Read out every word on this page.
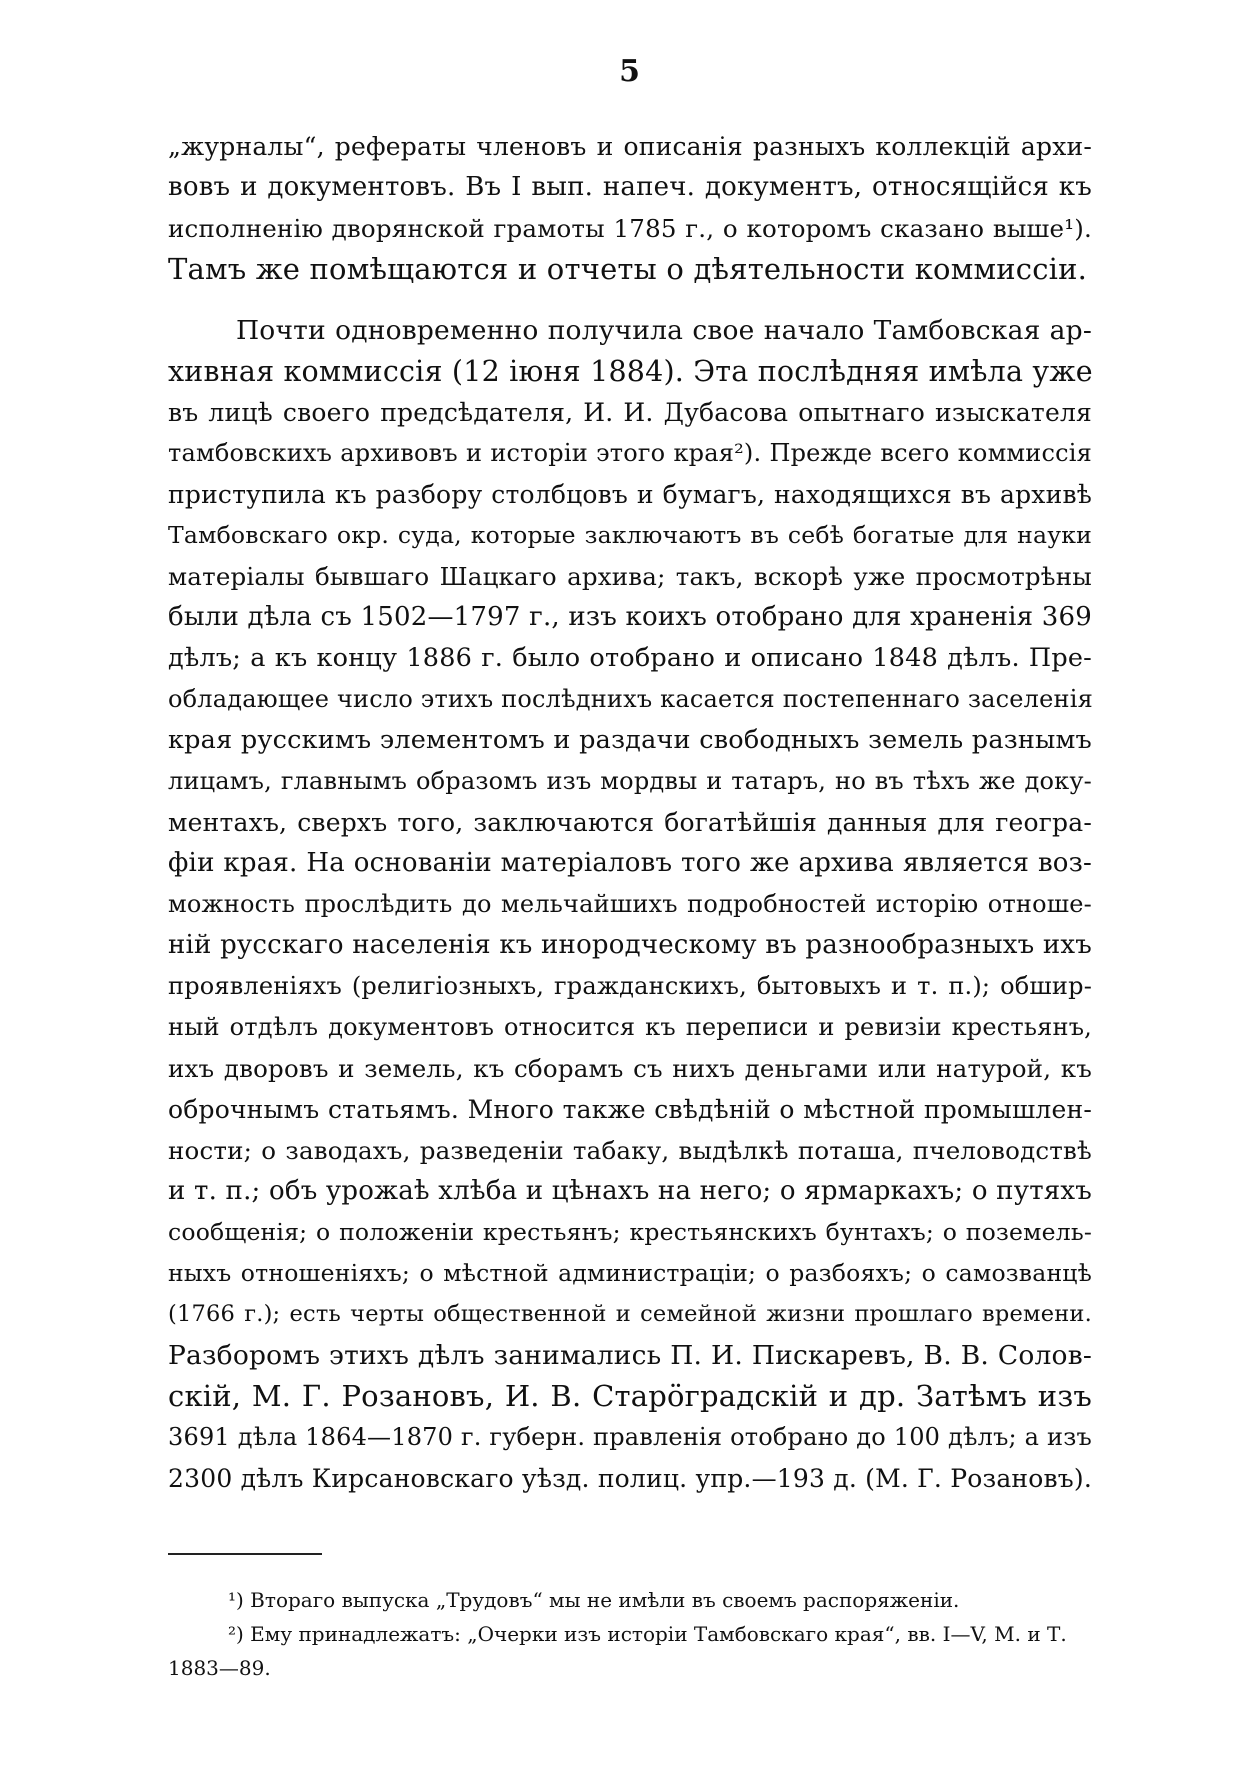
5
„журналы“, рефераты членовъ и описанія разныхъ коллекцій архи-
вовъ и документовъ. Въ I вып. напеч. документъ, относящійся къ
исполненію дворянской грамоты 1785 г., о которомъ сказано выше¹).
Тамъ же помѣщаются и отчеты о дѣятельности коммиссіи.
Почти одновременно получила свое начало Тамбовская ар-
хивная коммиссія (12 іюня 1884). Эта послѣдняя имѣла уже
въ лицѣ своего предсѣдателя, И. И. Дубасова опытнаго изыскателя
тамбовскихъ архивовъ и исторіи этого края²). Прежде всего коммиссія
приступила къ разбору столбцовъ и бумагъ, находящихся въ архивѣ
Тамбовскаго окр. суда, которые заключаютъ въ себѣ богатые для науки
матеріалы бывшаго Шацкаго архива; такъ, вскорѣ уже просмотрѣны
были дѣла съ 1502—1797 г., изъ коихъ отобрано для храненія 369
дѣлъ; а къ концу 1886 г. было отобрано и описано 1848 дѣлъ. Пре-
обладающее число этихъ послѣднихъ касается постепеннаго заселенія
края русскимъ элементомъ и раздачи свободныхъ земель разнымъ
лицамъ, главнымъ образомъ изъ мордвы и татаръ, но въ тѣхъ же доку-
ментахъ, сверхъ того, заключаются богатѣйшія данныя для геогра-
фіи края. На основаніи матеріаловъ того же архива является воз-
можность прослѣдить до мельчайшихъ подробностей исторію отноше-
ній русскаго населенія къ инородческому въ разнообразныхъ ихъ
проявленіяхъ (религіозныхъ, гражданскихъ, бытовыхъ и т. п.); обшир-
ный отдѣлъ документовъ относится къ переписи и ревизіи крестьянъ,
ихъ дворовъ и земель, къ сборамъ съ нихъ деньгами или натурой, къ
оброчнымъ статьямъ. Много также свѣдѣній о мѣстной промышлен-
ности; о заводахъ, разведеніи табаку, выдѣлкѣ поташа, пчеловодствѣ
и т. п.; объ урожаѣ хлѣба и цѣнахъ на него; о ярмаркахъ; о путяхъ
сообщенія; о положеніи крестьянъ; крестьянскихъ бунтахъ; о поземель-
ныхъ отношеніяхъ; о мѣстной администраціи; о разбояхъ; о самозванцѣ
(1766 г.); есть черты общественной и семейной жизни прошлаго времени.
Разборомъ этихъ дѣлъ занимались П. И. Пискаревъ, В. В. Солов-
скій, М. Г. Розановъ, И. В. Старöградскій и др. Затѣмъ изъ
3691 дѣла 1864—1870 г. губерн. правленія отобрано до 100 дѣлъ; а изъ
2300 дѣлъ Кирсановскаго уѣзд. полиц. упр.—193 д. (М. Г. Розановъ).
¹) Втораго выпуска „Трудовъ“ мы не имѣли въ своемъ распоряженіи.
²) Ему принадлежатъ: „Очерки изъ исторіи Тамбовскаго края“, вв. I—V, М. и Т.
1883—89.
